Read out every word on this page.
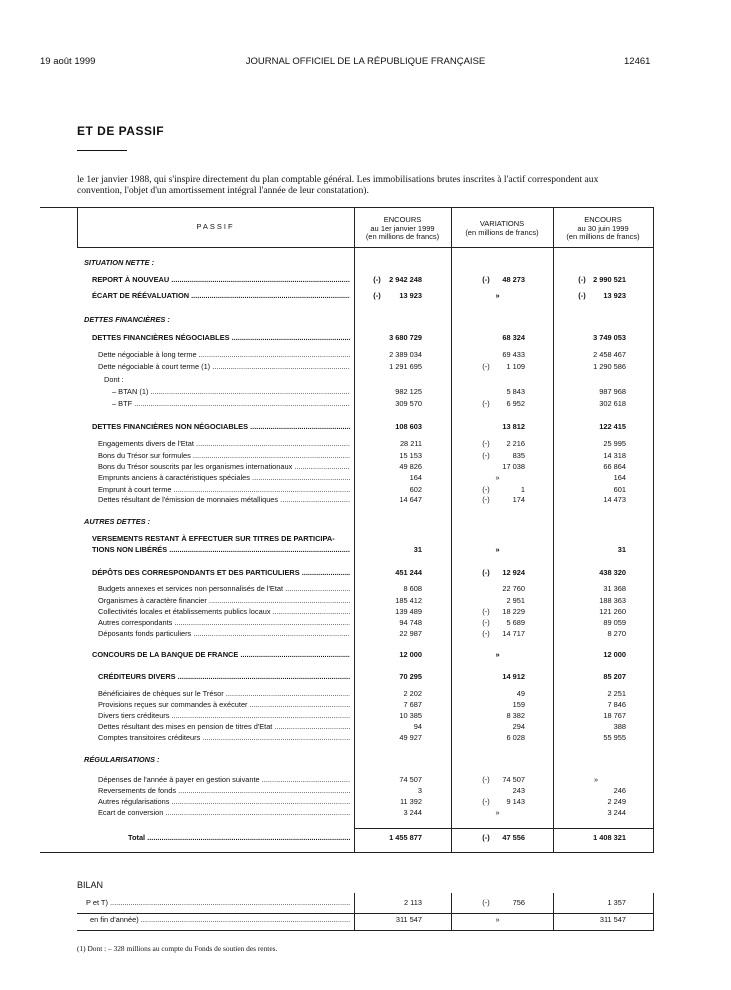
19 août 1999	JOURNAL OFFICIEL DE LA RÉPUBLIQUE FRANÇAISE	12461
ET DE PASSIF
le 1er janvier 1988, qui s'inspire directement du plan comptable général. Les immobilisations brutes inscrites à l'actif correspondent aux
convention, l'objet d'un amortissement intégral l'année de leur constatation).
PASSIF
ENCOURS
au 1er janvier 1999
(en millions de francs)
VARIATIONS
(en millions de francs)
ENCOURS
au 30 juin 1999
(en millions de francs)
SITUATION NETTE :
REPORT À NOUVEAU .....	(-)	2 942 248	(-)	48 273	(-)	2 990 521
ÉCART DE RÉÉVALUATION .....	(-)	13 923	»	(-)	13 923
DETTES FINANCIÈRES :
DETTES FINANCIÈRES NÉGOCIABLES .....	3 680 729	68 324	3 749 053
Dette négociable à long terme .....	2 389 034	69 433	2 458 467
Dette négociable à court terme (1) .....	1 291 695	(-)	1 109	1 290 586
Dont :
– BTAN (1) .....	982 125	5 843	987 968
– BTF .....	309 570	(-)	6 952	302 618
DETTES FINANCIÈRES NON NÉGOCIABLES .....	108 603	13 812	122 415
Engagements divers de l'Etat .....	28 211	(-)	2 216	25 995
Bons du Trésor sur formules .....	15 153	(-)	835	14 318
Bons du Trésor souscrits par les organismes internationaux .....	49 826	17 038	66 864
Emprunts anciens à caractéristiques spéciales .....	164	»	164
Emprunt à court terme .....	602	(-)	1	601
Dettes résultant de l'émission de monnaies métalliques .....	14 647	(-)	174	14 473
AUTRES DETTES :
VERSEMENTS RESTANT À EFFECTUER SUR TITRES DE PARTICIPA-
TIONS NON LIBÉRÉS .....	31	»	31
DÉPÔTS DES CORRESPONDANTS ET DES PARTICULIERS .....	451 244	(-)	12 924	438 320
Budgets annexes et services non personnalisés de l'Etat .....	8 608	22 760	31 368
Organismes à caractère financier .....	185 412	2 951	188 363
Collectivités locales et établissements publics locaux .....	139 489	(-)	18 229	121 260
Autres correspondants .....	94 748	(-)	5 689	89 059
Déposants fonds particuliers .....	22 987	(-)	14 717	8 270
CONCOURS DE LA BANQUE DE FRANCE .....	12 000	»	12 000
CRÉDITEURS DIVERS .....	70 295	14 912	85 207
Bénéficiaires de chèques sur le Trésor .....	2 202	49	2 251
Provisions reçues sur commandes à exécuter .....	7 687	159	7 846
Divers tiers créditeurs .....	10 385	8 382	18 767
Dettes résultant des mises en pension de titres d'Etat .....	94	294	388
Comptes transitoires créditeurs .....	49 927	6 028	55 955
RÉGULARISATIONS :
Dépenses de l'année à payer en gestion suivante .....	74 507	(-)	74 507	»
Reversements de fonds .....	3	243	246
Autres régularisations .....	11 392	(-)	9 143	2 249
Ecart de conversion .....	3 244	»	3 244
Total .....	1 455 877	(-)	47 556	1 408 321
BILAN
P et T) .....	2 113	(-)	756	1 357
en fin d'année) .....	311 547	»	311 547
(1) Dont : – 328 millions au compte du Fonds de soutien des rentes.
